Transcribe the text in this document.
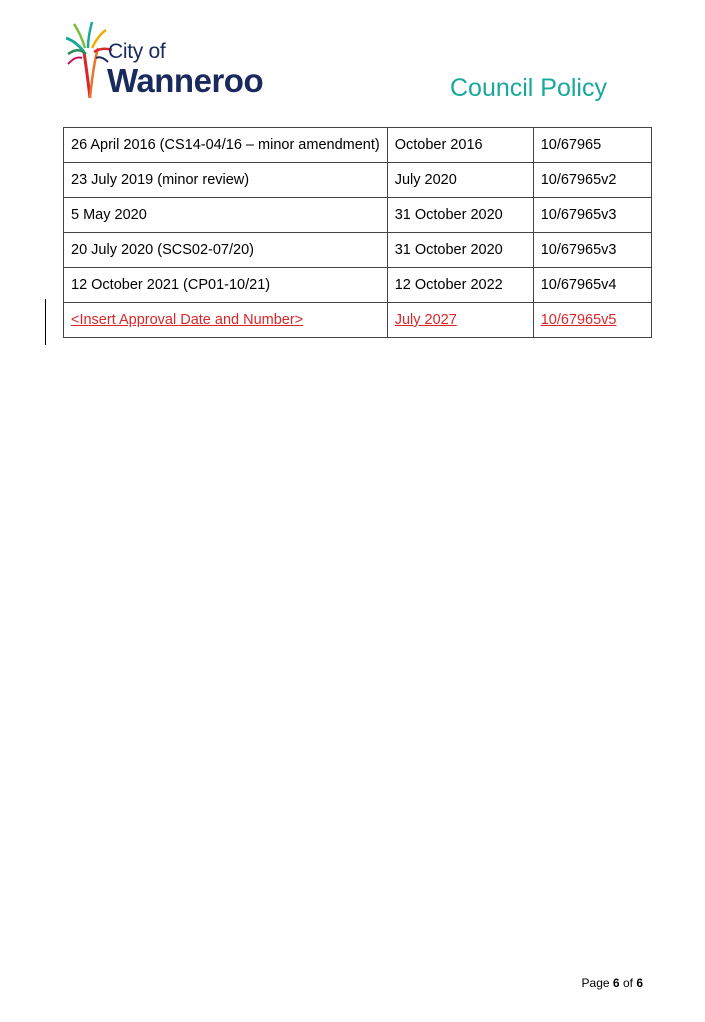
City of
Wanneroo	Council Policy
26 April 2016 (CS14-04/16 – minor amendment)	October 2016	10/67965
23 July 2019 (minor review)	July 2020	10/67965v2
5 May 2020	31 October 2020	10/67965v3
20 July 2020 (SCS02-07/20)	31 October 2020	10/67965v3
12 October 2021 (CP01-10/21)	12 October 2022	10/67965v4
<Insert Approval Date and Number>	July 2027	10/67965v5
Page 6 of 6
